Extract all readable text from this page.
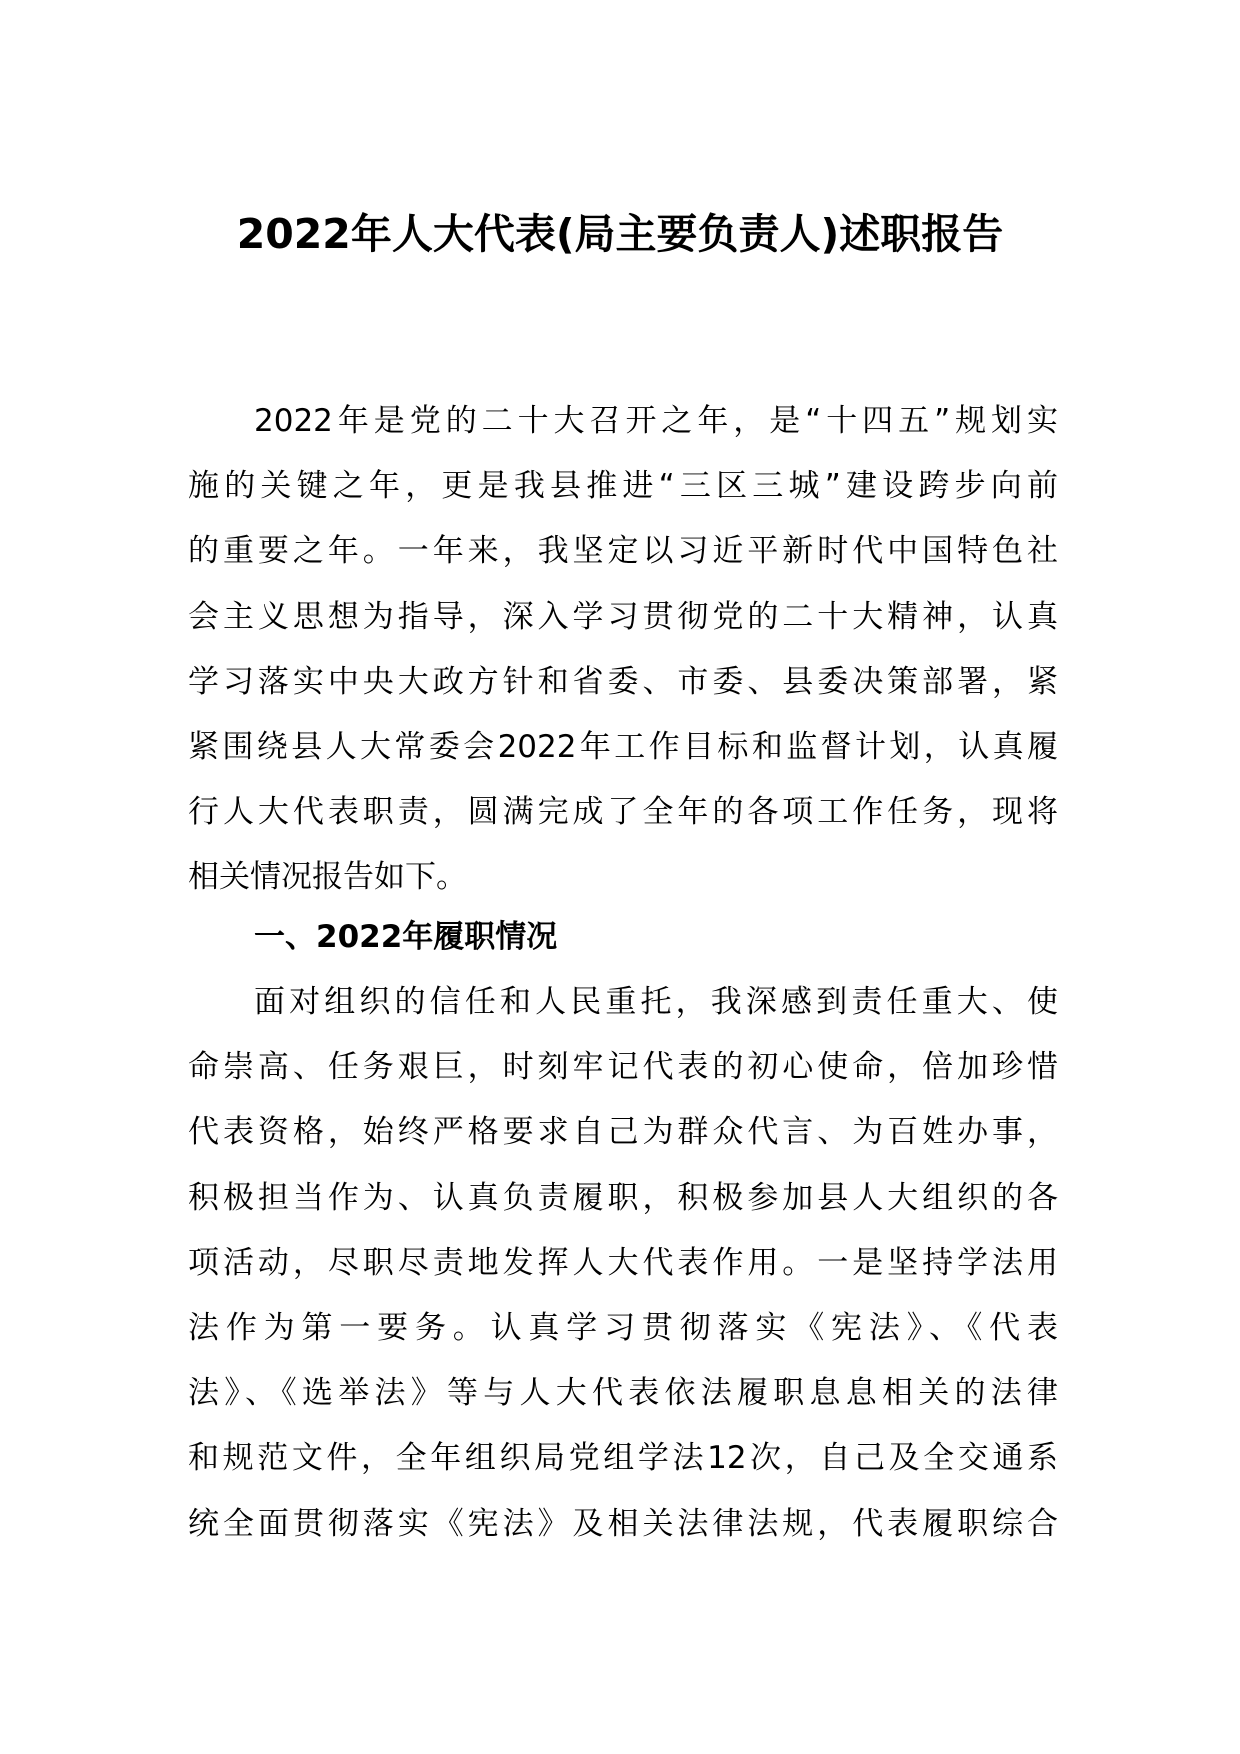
2022年人大代表(局主要负责人)述职报告
2022年是党的二十大召开之年，是“十四五”规划实
施的关键之年，更是我县推进“三区三城”建设跨步向前
的重要之年。一年来，我坚定以习近平新时代中国特色社
会主义思想为指导，深入学习贯彻党的二十大精神，认真
学习落实中央大政方针和省委、市委、县委决策部署，紧
紧围绕县人大常委会2022年工作目标和监督计划，认真履
行人大代表职责，圆满完成了全年的各项工作任务，现将
相关情况报告如下。
一、2022年履职情况
面对组织的信任和人民重托，我深感到责任重大、使
命崇高、任务艰巨，时刻牢记代表的初心使命，倍加珍惜
代表资格，始终严格要求自己为群众代言、为百姓办事，
积极担当作为、认真负责履职，积极参加县人大组织的各
项活动，尽职尽责地发挥人大代表作用。一是坚持学法用
法作为第一要务。认真学习贯彻落实《宪法》、《代表
法》、《选举法》等与人大代表依法履职息息相关的法律
和规范文件，全年组织局党组学法12次，自己及全交通系
统全面贯彻落实《宪法》及相关法律法规，代表履职综合
